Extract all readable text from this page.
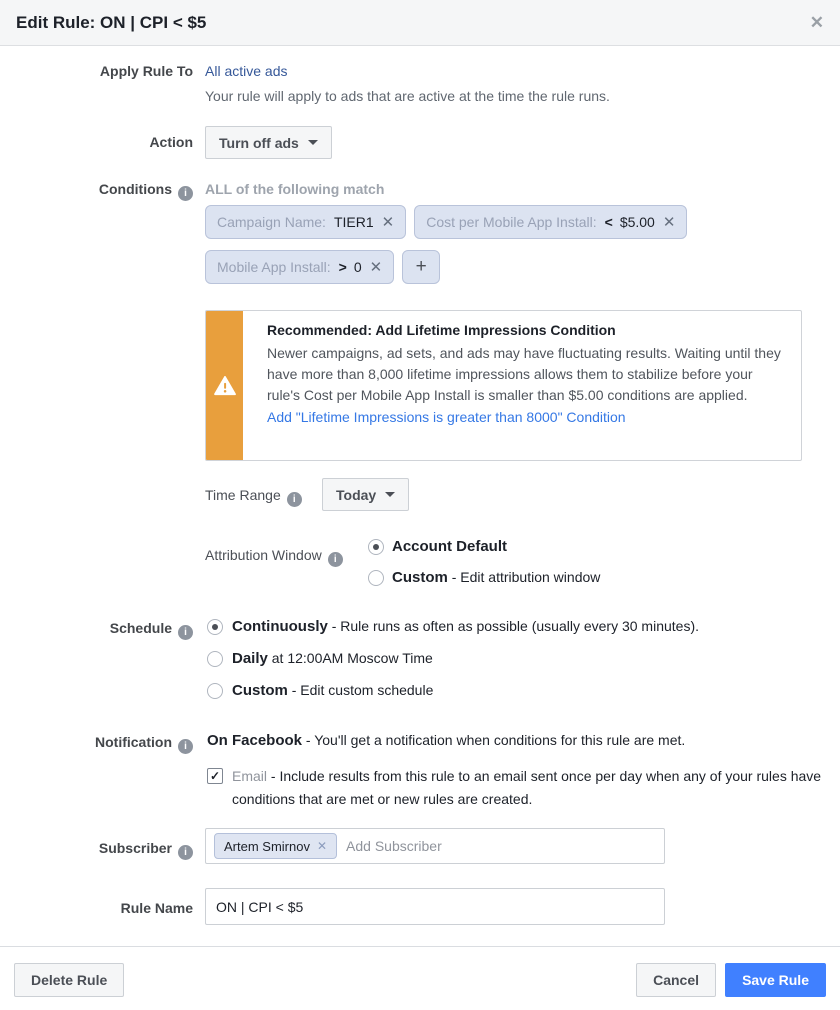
Edit Rule: ON | CPI < $5	✕
Apply Rule To All active ads
Your rule will apply to ads that are active at the time the rule runs.
Action Turn off ads
Conditions i	ALL of the following match
Campaign Name: TIER1 ✕ Cost per Mobile App Install: < $5.00 ✕
Mobile App Install: > 0 ✕ +
Recommended: Add Lifetime Impressions Condition
Newer campaigns, ad sets, and ads may have fluctuating results. Waiting until they have more than 8,000 lifetime impressions allows them to stabilize before your rule's Cost per Mobile App Install is smaller than $5.00 conditions are applied.
Add "Lifetime Impressions is greater than 8000" Condition
Time Range i	Today
Attribution Window i
Account Default
Custom - Edit attribution window
Schedule i	Continuously - Rule runs as often as possible (usually every 30 minutes).
Daily at 12:00AM Moscow Time
Custom - Edit custom schedule
Notification i	On Facebook - You'll get a notification when conditions for this rule are met.
✓
Email - Include results from this rule to an email sent once per day when any of your rules have conditions that are met or new rules are created.
Subscriber i	Artem Smirnov ✕
Add Subscriber
Rule Name
ON | CPI < $5
Delete Rule	Cancel	Save Rule
